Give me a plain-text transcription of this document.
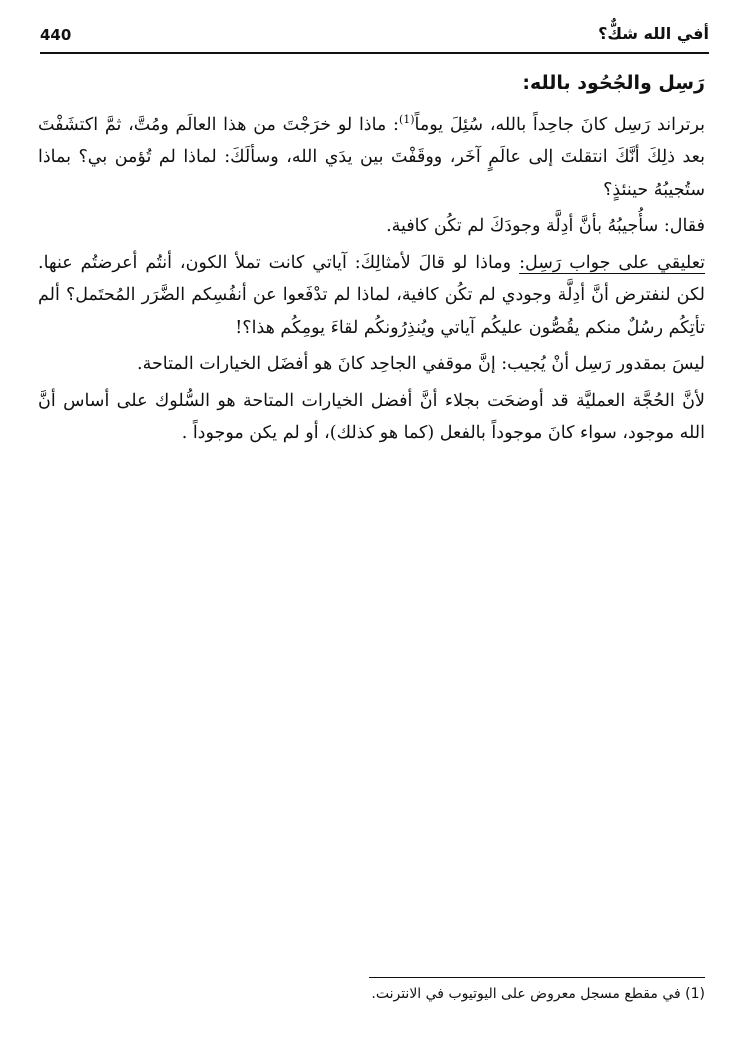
440	أفي الله شكٌّ؟
رَسِل والجُحُود بالله:

برتراند رَسِل كانَ جاحِداً بالله، سُئِلَ يوماً$^{(1)}$: ماذا لو خرَجْتَ من هذا العالَم ومُتَّ، ثمَّ اكتشَفْتَ بعد ذلِكَ أنَّكَ انتقلتَ إلى عالَمٍ آخَر، ووقَفْتَ بين يدَي الله، وسألَكَ: لماذا لم تُؤمن بي؟ بماذا ستُجيبُهُ حينئذٍ؟

فقال: سأُجيبُهُ بأنَّ أدِلَّة وجودَكَ لم تكُن كافية.

تعليقي على جواب رَسِل: وماذا لو قالَ لأمثالِكَ: آياتي كانت تملأ الكون، أنتُم أعرضتُم عنها. لكن لنفترض أنَّ أدِلَّة وجودي لم تكُن كافية، لماذا لم تدْفَعوا عن أنفُسِكم الضَّرَر المُحتَمل؟ ألم تأتِكُم رسُلٌ منكم يقُصُّون عليكُم آياتي ويُنذِرُونكُم لقاءَ يومِكُم هذا؟!

ليسَ بمقدور رَسِل أنْ يُجيب: إنَّ موقفي الجاحِد كانَ هو أفضَل الخيارات المتاحة.

لأنَّ الحُجَّة العمليَّة قد أوضحَت بجلاء أنَّ أفضل الخيارات المتاحة هو السُّلوك على أساس أنَّ الله موجود، سواء كانَ موجوداً بالفعل (كما هو كذلك)، أو لم يكن موجوداً .

(1) في مقطع مسجل معروض على اليوتيوب في الانترنت.
